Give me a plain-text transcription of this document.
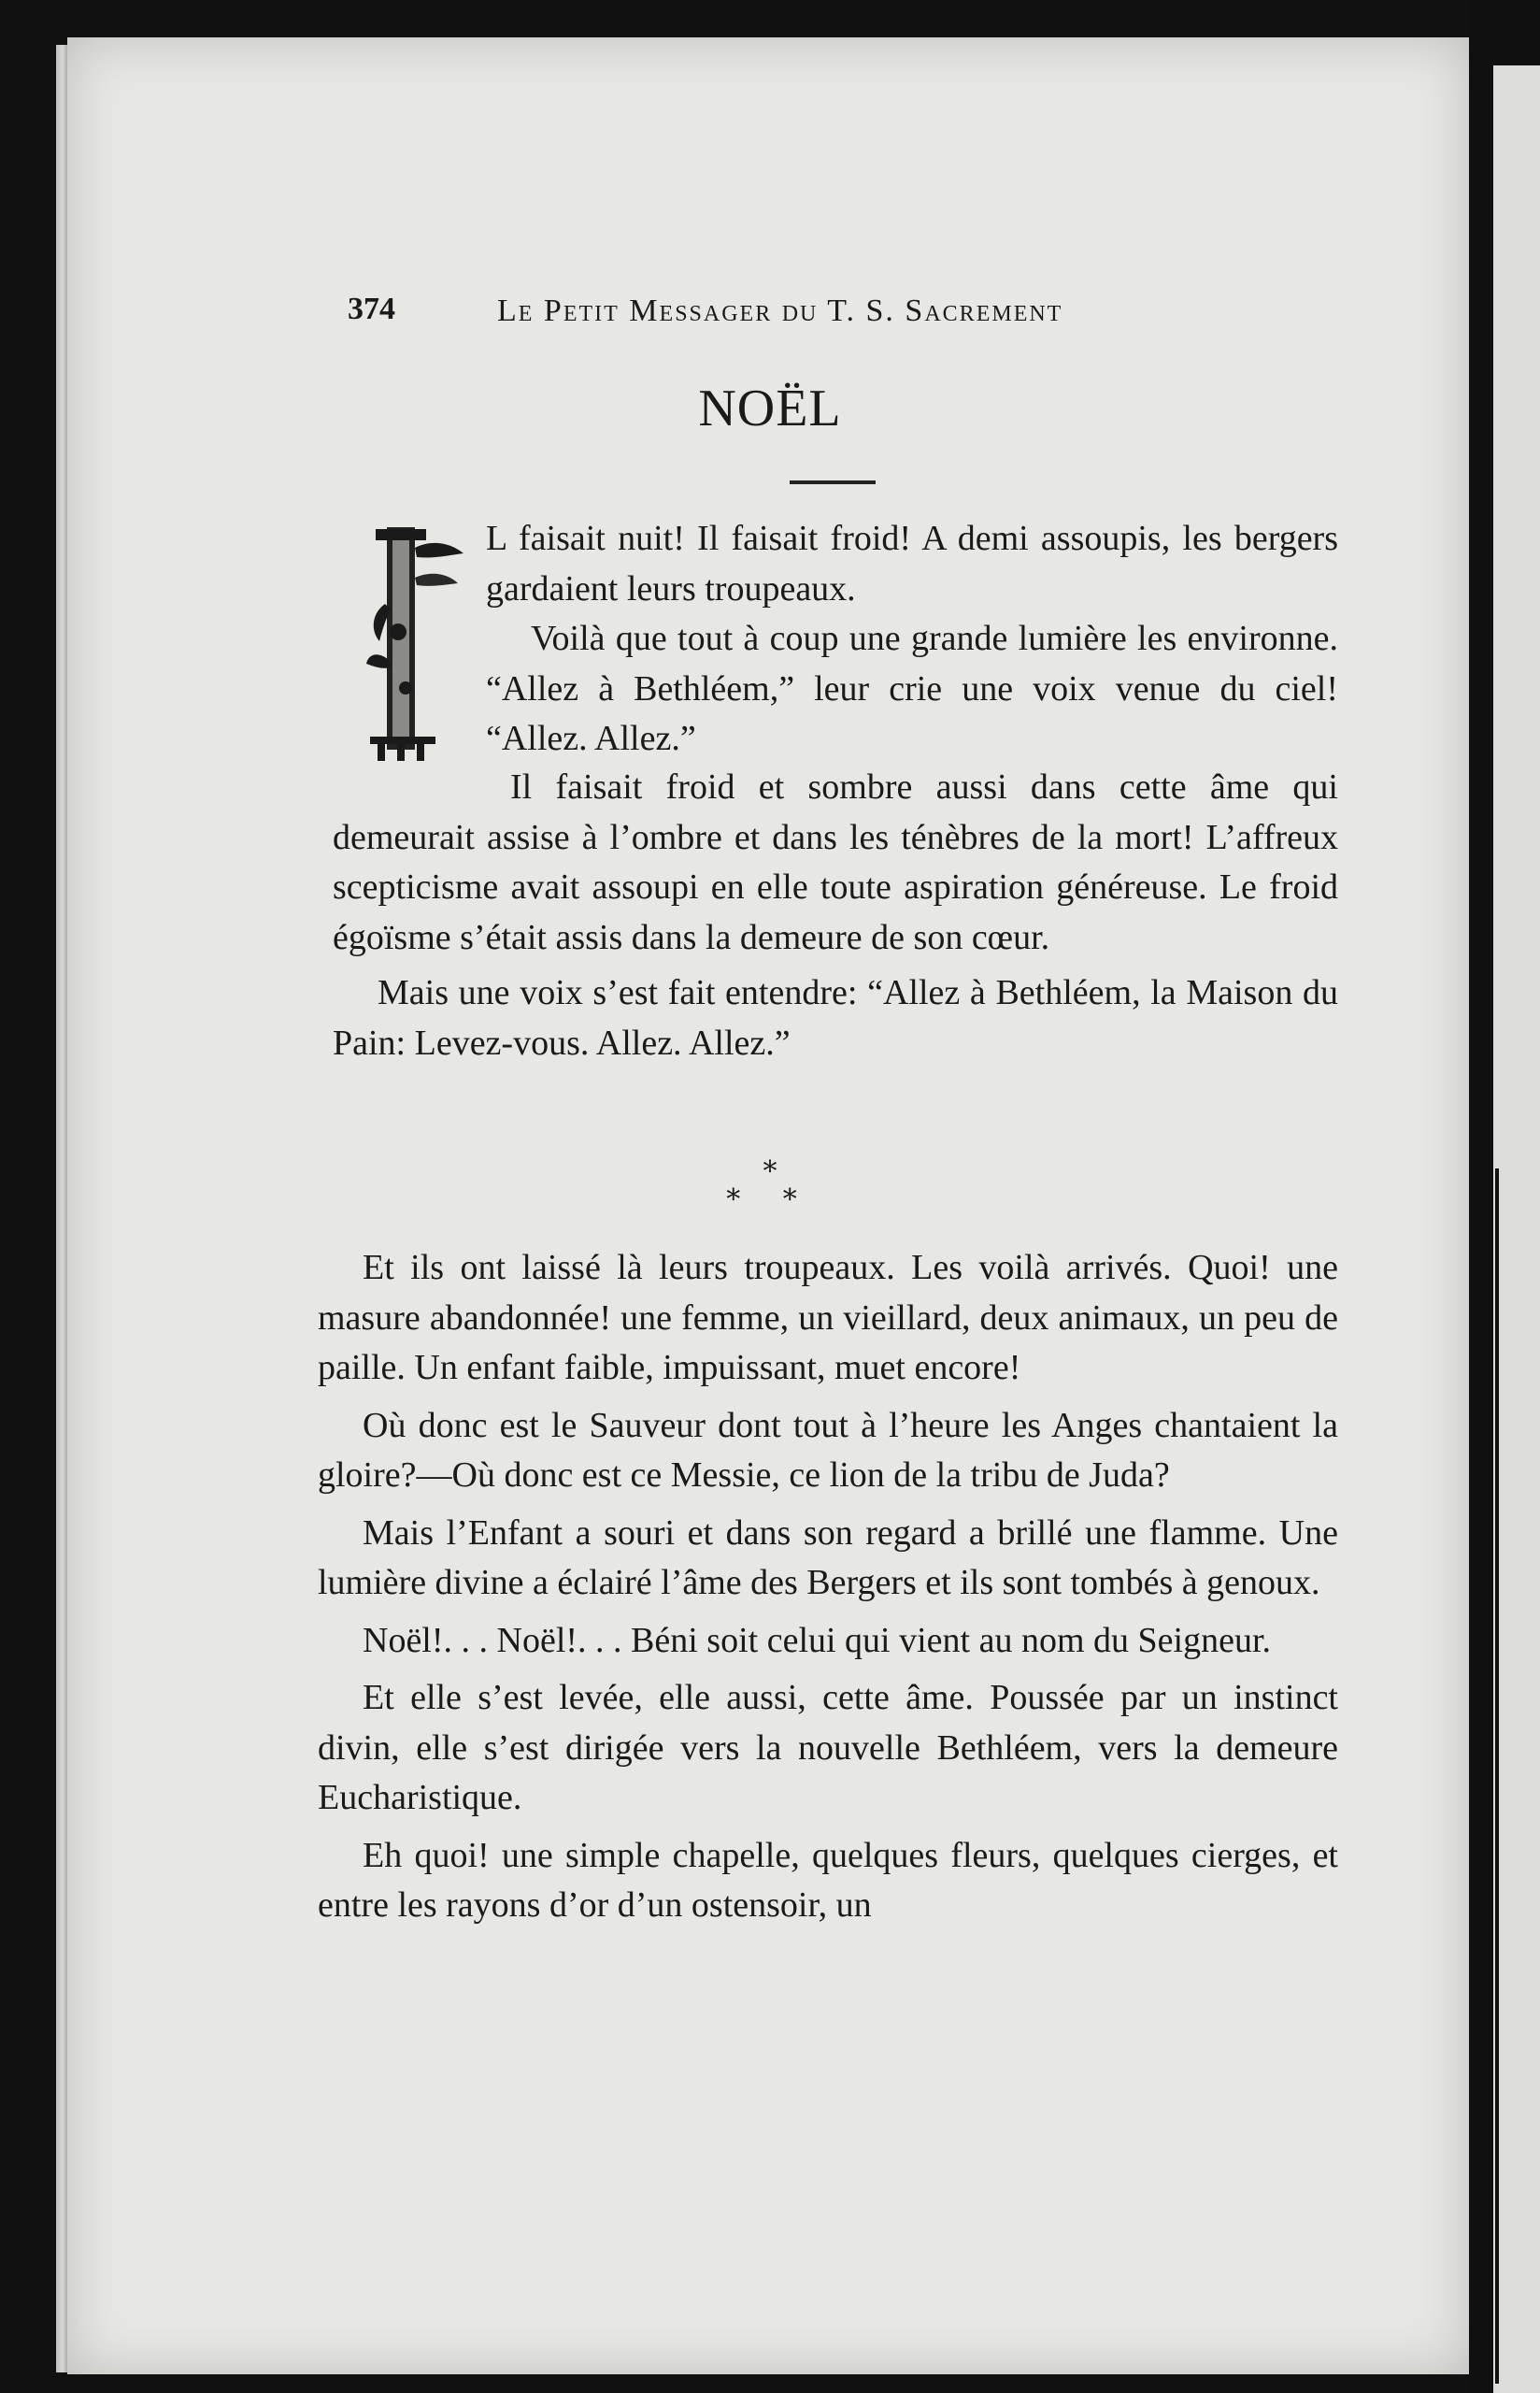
374	Le Petit Messager du T. S. Sacrement
NOËL

L faisait nuit! Il faisait froid! A demi assoupis, les bergers gardaient leurs troupeaux.

Voilà que tout à coup une grande lumière les environne. “Allez à Bethléem,” leur crie une voix venue du ciel! “Allez. Allez.”

Il faisait froid et sombre aussi dans cette âme qui demeurait assise à l’ombre et dans les ténèbres de la mort! L’affreux scepticisme avait assoupi en elle toute aspiration généreuse. Le froid égoïsme s’était assis dans la demeure de son cœur.

Mais une voix s’est fait entendre: “Allez à Bethléem, la Maison du Pain: Levez-vous. Allez. Allez.”

*
* *

Et ils ont laissé là leurs troupeaux. Les voilà arrivés. Quoi! une masure abandonnée! une femme, un vieillard, deux animaux, un peu de paille. Un enfant faible, impuissant, muet encore!

Où donc est le Sauveur dont tout à l’heure les Anges chantaient la gloire?—Où donc est ce Messie, ce lion de la tribu de Juda?

Mais l’Enfant a souri et dans son regard a brillé une flamme. Une lumière divine a éclairé l’âme des Bergers et ils sont tombés à genoux.

Noël!. . . Noël!. . . Béni soit celui qui vient au nom du Seigneur.

Et elle s’est levée, elle aussi, cette âme. Poussée par un instinct divin, elle s’est dirigée vers la nouvelle Bethléem, vers la demeure Eucharistique.

Eh quoi! une simple chapelle, quelques fleurs, quelques cierges, et entre les rayons d’or d’un ostensoir, un
